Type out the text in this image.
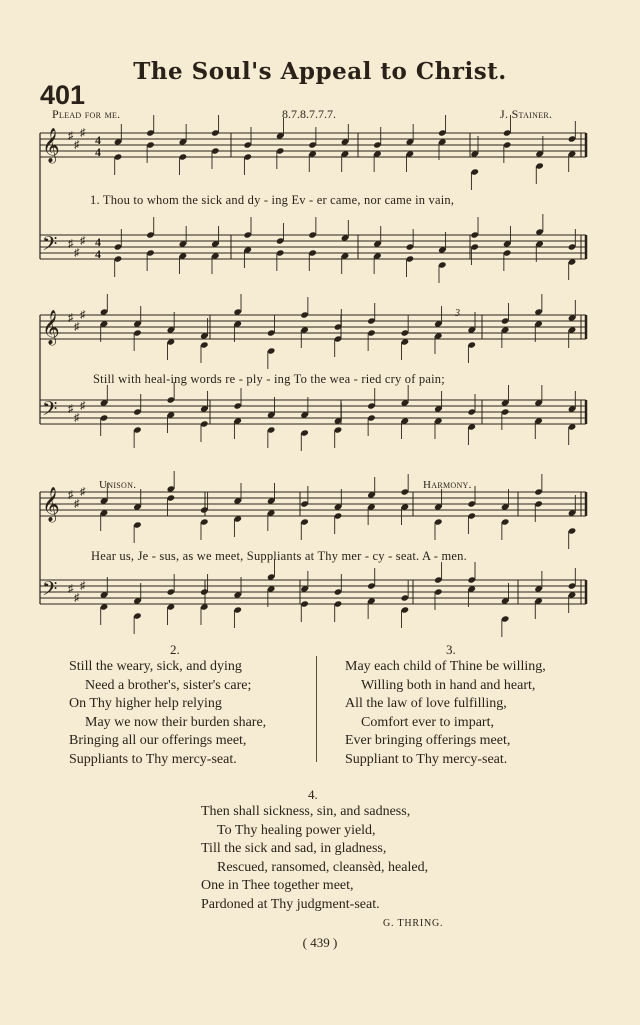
The Soul's Appeal to Christ.
401
Plead for me.	8.7.8.7.7.7.	J. Stainer.
𝄞 ♯
♯
♯ 4
4
𝄢 ♯
♯
♯ 4
4
𝄞 ♯
♯
♯
𝄢 ♯
♯
♯
𝄞 ♯
♯
♯
𝄢 ♯
♯
♯
3
1. Thou to whom the sick and dy - ing Ev - er came, nor came in vain,
Still with heal-ing words re - ply - ing To the wea - ried cry of pain;
Hear us, Je - sus, as we meet, Suppliants at Thy mer - cy - seat. A - men.
Unison.	Harmony.
2.
Still the weary, sick, and dying
Need a brother's, sister's care;
On Thy higher help relying
May we now their burden share,
Bringing all our offerings meet,
Suppliants to Thy mercy-seat.
3.
May each child of Thine be willing,
Willing both in hand and heart,
All the law of love fulfilling,
Comfort ever to impart,
Ever bringing offerings meet,
Suppliant to Thy mercy-seat.
4.
Then shall sickness, sin, and sadness,
To Thy healing power yield,
Till the sick and sad, in gladness,
Rescued, ransomed, cleansèd, healed,
One in Thee together meet,
Pardoned at Thy judgment-seat.
G. THRING.
( 439 )
